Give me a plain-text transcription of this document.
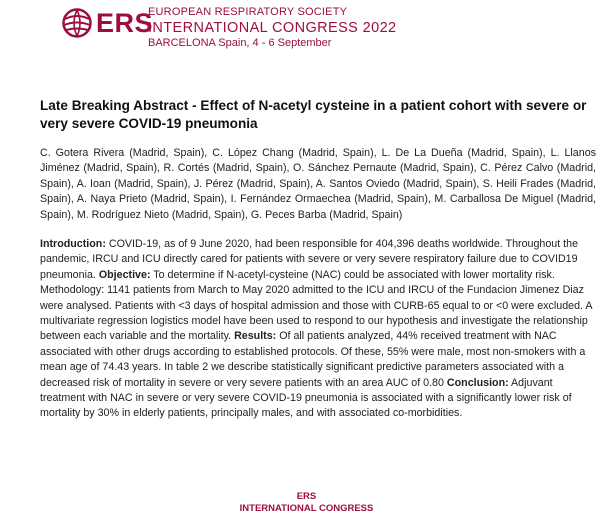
ERS
EUROPEAN RESPIRATORY SOCIETY
INTERNATIONAL CONGRESS 2022
BARCELONA Spain, 4 - 6 September
Late Breaking Abstract - Effect of N-acetyl cysteine in a patient cohort with severe or very severe COVID-19 pneumonia
C. Gotera Rivera (Madrid, Spain), C. López Chang (Madrid, Spain), L. De La Dueña (Madrid, Spain), L. Llanos Jiménez (Madrid, Spain), R. Cortés (Madrid, Spain), O. Sánchez Pernaute (Madrid, Spain), C. Pérez Calvo (Madrid, Spain), A. Ioan (Madrid, Spain), J. Pérez (Madrid, Spain), A. Santos Oviedo (Madrid, Spain), S. Heili Frades (Madrid, Spain), A. Naya Prieto (Madrid, Spain), I. Fernández Ormaechea (Madrid, Spain), M. Carballosa De Miguel (Madrid, Spain), M. Rodríguez Nieto (Madrid, Spain), G. Peces Barba (Madrid, Spain)
Introduction: COVID-19, as of 9 June 2020, had been responsible for 404,396 deaths worldwide. Throughout the pandemic, IRCU and ICU directly cared for patients with severe or very severe respiratory failure due to COVID19 pneumonia. Objective: To determine if N-acetyl-cysteine (NAC) could be associated with lower mortality risk. Methodology: 1141 patients from March to May 2020 admitted to the ICU and IRCU of the Fundacion Jimenez Diaz were analysed. Patients with <3 days of hospital admission and those with CURB-65 equal to or <0 were excluded. A multivariate regression logistics model have been used to respond to our hypothesis and investigate the relationship between each variable and the mortality. Results: Of all patients analyzed, 44% received treatment with NAC associated with other drugs according to established protocols. Of these, 55% were male, most non-smokers with a mean age of 74.43 years. In table 2 we describe statistically significant predictive parameters associated with a decreased risk of mortality in severe or very severe patients with an area AUC of 0.80 Conclusion: Adjuvant treatment with NAC in severe or very severe COVID-19 pneumonia is associated with a significantly lower risk of mortality by 30% in elderly patients, principally males, and with associated co-morbidities.
ERS
INTERNATIONAL CONGRESS
